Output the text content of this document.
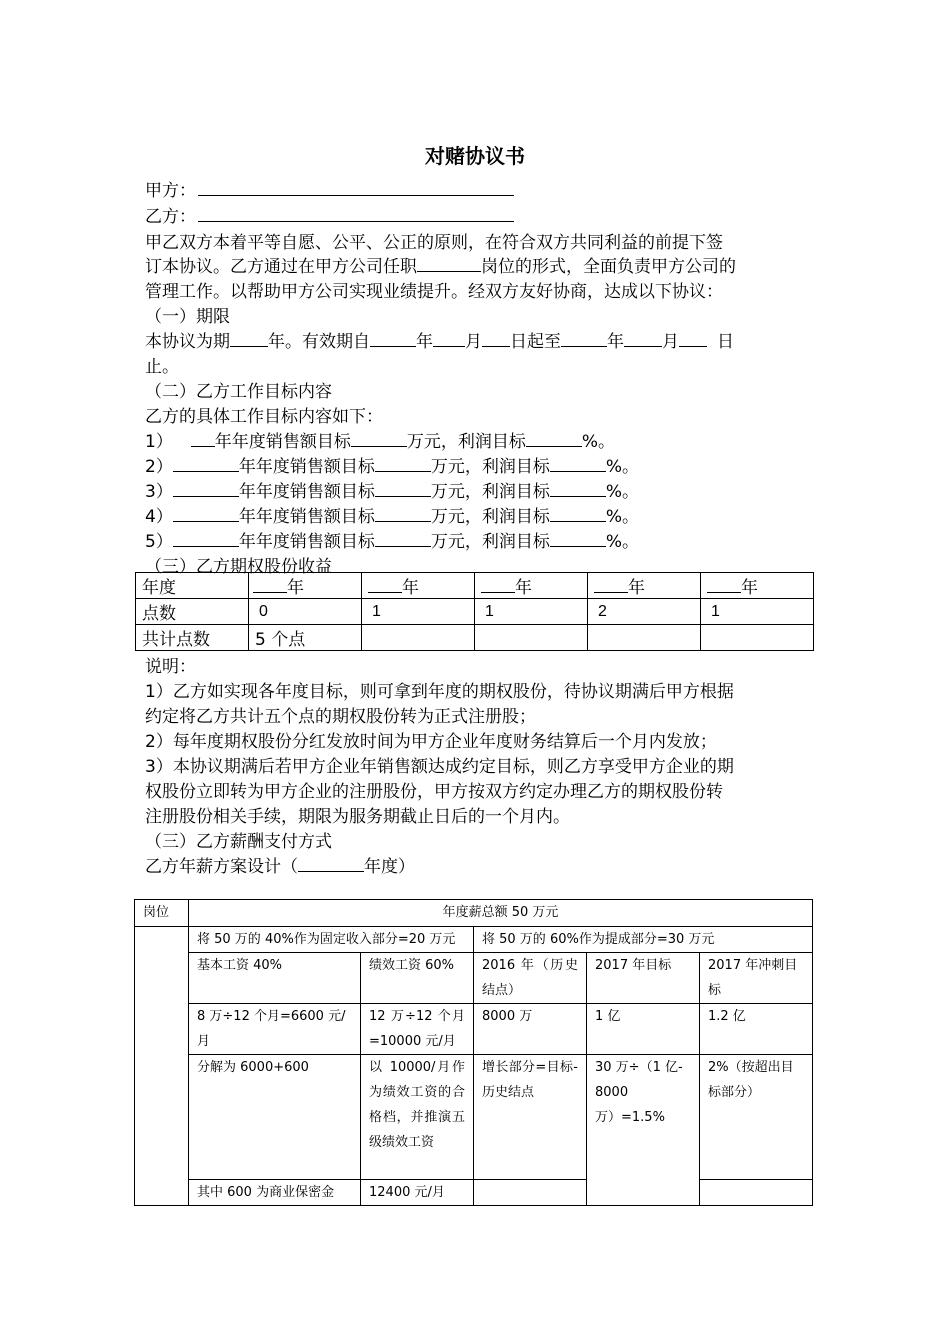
对赌协议书
甲方：
乙方：
甲乙双方本着平等自愿、公平、公正的原则，在符合双方共同利益的前提下签
订本协议。乙方通过在甲方公司任职	岗位的形式，全面负责甲方公司的
管理工作。以帮助甲方公司实现业绩提升。经双方友好协商，达成以下协议：
（一）期限
本协议为期 年。有效期自	年 月 日起至	年 月 日
止。
（二）乙方工作目标内容
乙方的具体工作目标内容如下：
1） 年年度销售额目标	万元，利润目标	%。
2）	年年度销售额目标	万元，利润目标	%。
3）	年年度销售额目标	万元，利润目标	%。
4）	年年度销售额目标	万元，利润目标	%。
5）	年年度销售额目标	万元，利润目标	%。
（三）乙方期权股份收益
年度	年	年	年	年	年
点数	0	1	1	2	1
共计点数	5 个点				
说明：
1）乙方如实现各年度目标，则可拿到年度的期权股份，待协议期满后甲方根据
约定将乙方共计五个点的期权股份转为正式注册股；
2）每年度期权股份分红发放时间为甲方企业年度财务结算后一个月内发放；
3）本协议期满后若甲方企业年销售额达成约定目标，则乙方享受甲方企业的期
权股份立即转为甲方企业的注册股份，甲方按双方约定办理乙方的期权股份转
注册股份相关手续，期限为服务期截止日后的一个月内。
（三）乙方薪酬支付方式
乙方年薪方案设计（	年度）
岗位	年度薪总额 50 万元				
	将 50 万的 40%作为固定收入部分=20 万元		将 50 万的 60%作为提成部分=30 万元		
	基本工资 40%	绩效工资 60%	2016 年（历史结点）	2017 年目标	2017 年冲刺目标
	8 万÷12 个月=6600 元/月	12 万÷12 个月=10000 元/月	8000 万	1 亿	1.2 亿
	分解为 6000+600	以 10000/月作为绩效工资的合格档，并推演五级绩效工资	增长部分=目标-历史结点	30 万÷（1 亿-
8000
万）=1.5%	2%（按超出目标部分）
	其中 600 为商业保密金	12400 元/月			
